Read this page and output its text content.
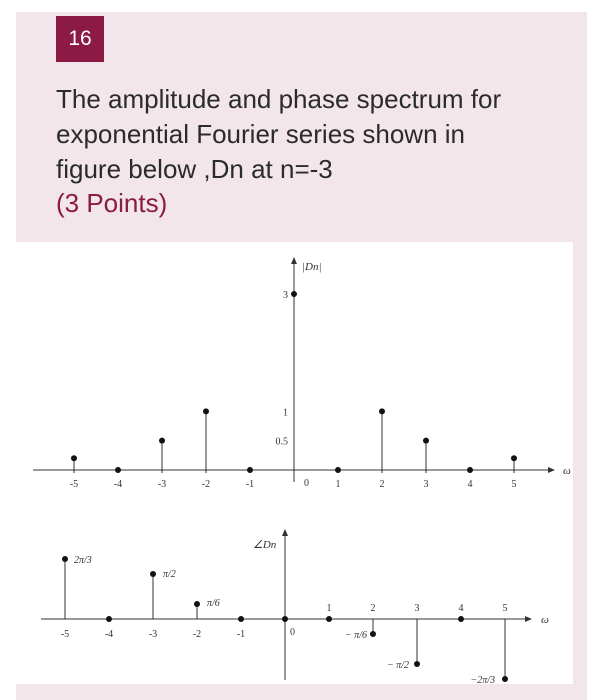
16
The amplitude and phase spectrum for
exponential Fourier series shown in
figure below ,Dn at n=-3
(3 Points)
ω
|Dn|
0
3
1
0.5
-5	-4	-3	-2	-1	1	2	3	4	5
ω
∠Dn
0
-5	-4	-3	-2	-1
1	2	3	4	5
− π/6
− π/2
−2π/3
2π/3
π/2
π/6
